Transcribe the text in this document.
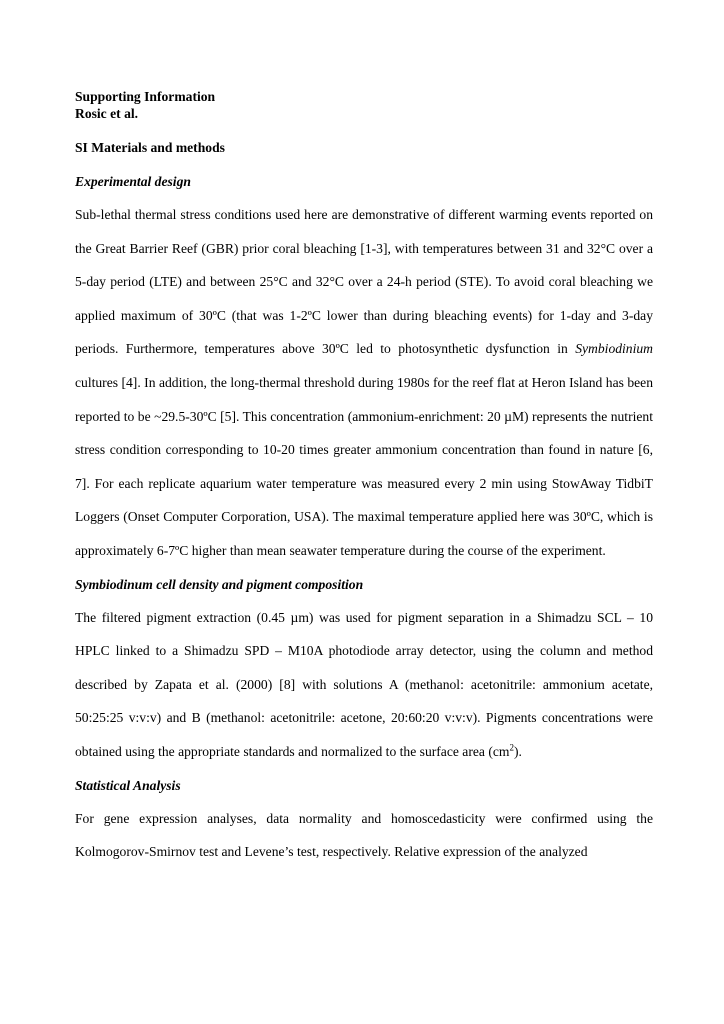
Supporting Information

Rosic et al.

SI Materials and methods

Experimental design

Sub-lethal thermal stress conditions used here are demonstrative of different warming events reported on the Great Barrier Reef (GBR) prior coral bleaching [1-3], with temperatures between 31 and 32°C over a 5-day period (LTE) and between 25°C and 32°C over a 24-h period (STE). To avoid coral bleaching we applied maximum of 30ºC (that was 1-2ºC lower than during bleaching events) for 1-day and 3-day periods. Furthermore, temperatures above 30ºC led to photosynthetic dysfunction in Symbiodinium cultures [4]. In addition, the long-thermal threshold during 1980s for the reef flat at Heron Island has been reported to be ~29.5-30ºC [5]. This concentration (ammonium-enrichment: 20 µM) represents the nutrient stress condition corresponding to 10-20 times greater ammonium concentration than found in nature [6, 7]. For each replicate aquarium water temperature was measured every 2 min using StowAway TidbiT Loggers (Onset Computer Corporation, USA). The maximal temperature applied here was 30ºC, which is approximately 6-7ºC higher than mean seawater temperature during the course of the experiment.

Symbiodinum cell density and pigment composition

The filtered pigment extraction (0.45 µm) was used for pigment separation in a Shimadzu SCL – 10 HPLC linked to a Shimadzu SPD – M10A photodiode array detector, using the column and method described by Zapata et al. (2000) [8] with solutions A (methanol: acetonitrile: ammonium acetate, 50:25:25 v:v:v) and B (methanol: acetonitrile: acetone, 20:60:20 v:v:v). Pigments concentrations were obtained using the appropriate standards and normalized to the surface area $(cm^2)$.

Statistical Analysis

For gene expression analyses, data normality and homoscedasticity were confirmed using the Kolmogorov-Smirnov test and Levene’s test, respectively. Relative expression of the analyzed
